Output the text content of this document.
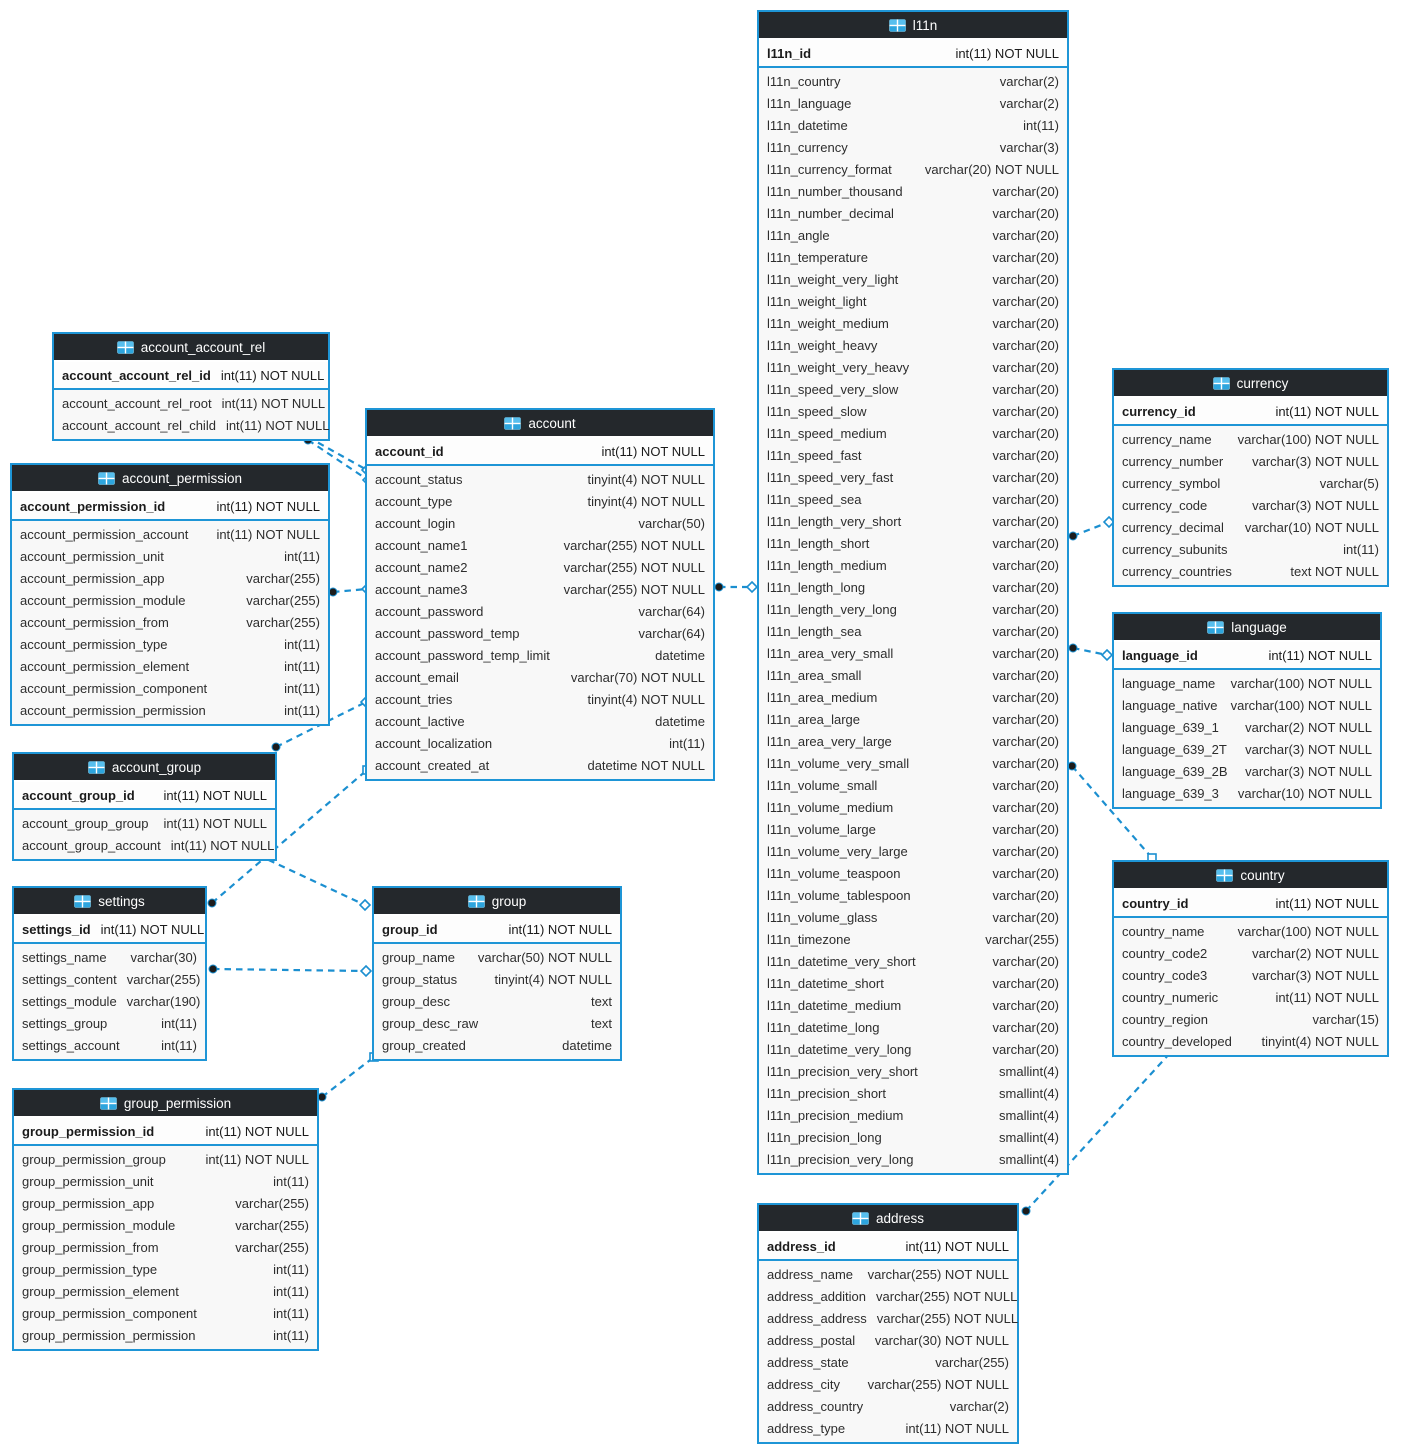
account_account_rel
account_account_rel_id int(11) NOT NULL
account_account_rel_root int(11) NOT NULL
account_account_rel_child int(11) NOT NULL
account_permission
account_permission_id	int(11) NOT NULL
account_permission_account int(11) NOT NULL
account_permission_unit	int(11)
account_permission_app	varchar(255)
account_permission_module	varchar(255)
account_permission_from	varchar(255)
account_permission_type	int(11)
account_permission_element	int(11)
account_permission_component	int(11)
account_permission_permission	int(11)
account_group
account_group_id int(11) NOT NULL
account_group_group int(11) NOT NULL
account_group_account int(11) NOT NULL
settings
settings_id int(11) NOT NULL
settings_name varchar(30)
settings_content varchar(255)
settings_module varchar(190)
settings_group	int(11)
settings_account	int(11)
group_permission
group_permission_id	int(11) NOT NULL
group_permission_group	int(11) NOT NULL
group_permission_unit	int(11)
group_permission_app	varchar(255)
group_permission_module	varchar(255)
group_permission_from	varchar(255)
group_permission_type	int(11)
group_permission_element	int(11)
group_permission_component	int(11)
group_permission_permission	int(11)
account
account_id	int(11) NOT NULL
account_status	tinyint(4) NOT NULL
account_type	tinyint(4) NOT NULL
account_login	varchar(50)
account_name1	varchar(255) NOT NULL
account_name2	varchar(255) NOT NULL
account_name3	varchar(255) NOT NULL
account_password	varchar(64)
account_password_temp	varchar(64)
account_password_temp_limit	datetime
account_email	varchar(70) NOT NULL
account_tries	tinyint(4) NOT NULL
account_lactive	datetime
account_localization	int(11)
account_created_at	datetime NOT NULL
group
group_id	int(11) NOT NULL
group_name varchar(50) NOT NULL
group_status	tinyint(4) NOT NULL
group_desc	text
group_desc_raw	text
group_created	datetime
l11n
l11n_id	int(11) NOT NULL
l11n_country	varchar(2)
l11n_language	varchar(2)
l11n_datetime	int(11)
l11n_currency	varchar(3)
l11n_currency_format	varchar(20) NOT NULL
l11n_number_thousand	varchar(20)
l11n_number_decimal	varchar(20)
l11n_angle	varchar(20)
l11n_temperature	varchar(20)
l11n_weight_very_light	varchar(20)
l11n_weight_light	varchar(20)
l11n_weight_medium	varchar(20)
l11n_weight_heavy	varchar(20)
l11n_weight_very_heavy	varchar(20)
l11n_speed_very_slow	varchar(20)
l11n_speed_slow	varchar(20)
l11n_speed_medium	varchar(20)
l11n_speed_fast	varchar(20)
l11n_speed_very_fast	varchar(20)
l11n_speed_sea	varchar(20)
l11n_length_very_short	varchar(20)
l11n_length_short	varchar(20)
l11n_length_medium	varchar(20)
l11n_length_long	varchar(20)
l11n_length_very_long	varchar(20)
l11n_length_sea	varchar(20)
l11n_area_very_small	varchar(20)
l11n_area_small	varchar(20)
l11n_area_medium	varchar(20)
l11n_area_large	varchar(20)
l11n_area_very_large	varchar(20)
l11n_volume_very_small	varchar(20)
l11n_volume_small	varchar(20)
l11n_volume_medium	varchar(20)
l11n_volume_large	varchar(20)
l11n_volume_very_large	varchar(20)
l11n_volume_teaspoon	varchar(20)
l11n_volume_tablespoon	varchar(20)
l11n_volume_glass	varchar(20)
l11n_timezone	varchar(255)
l11n_datetime_very_short	varchar(20)
l11n_datetime_short	varchar(20)
l11n_datetime_medium	varchar(20)
l11n_datetime_long	varchar(20)
l11n_datetime_very_long	varchar(20)
l11n_precision_very_short	smallint(4)
l11n_precision_short	smallint(4)
l11n_precision_medium	smallint(4)
l11n_precision_long	smallint(4)
l11n_precision_very_long	smallint(4)
currency
currency_id	int(11) NOT NULL
currency_name varchar(100) NOT NULL
currency_number varchar(3) NOT NULL
currency_symbol	varchar(5)
currency_code	varchar(3) NOT NULL
currency_decimal varchar(10) NOT NULL
currency_subunits	int(11)
currency_countries	text NOT NULL
language
language_id	int(11) NOT NULL
language_name varchar(100) NOT NULL
language_native varchar(100) NOT NULL
language_639_1 varchar(2) NOT NULL
language_639_2T varchar(3) NOT NULL
language_639_2B varchar(3) NOT NULL
language_639_3 varchar(10) NOT NULL
country
country_id	int(11) NOT NULL
country_name	varchar(100) NOT NULL
country_code2	varchar(2) NOT NULL
country_code3	varchar(3) NOT NULL
country_numeric	int(11) NOT NULL
country_region	varchar(15)
country_developed tinyint(4) NOT NULL
address
address_id	int(11) NOT NULL
address_name varchar(255) NOT NULL
address_addition varchar(255) NOT NULL
address_address varchar(255) NOT NULL
address_postal varchar(30) NOT NULL
address_state	varchar(255)
address_city varchar(255) NOT NULL
address_country	varchar(2)
address_type	int(11) NOT NULL
